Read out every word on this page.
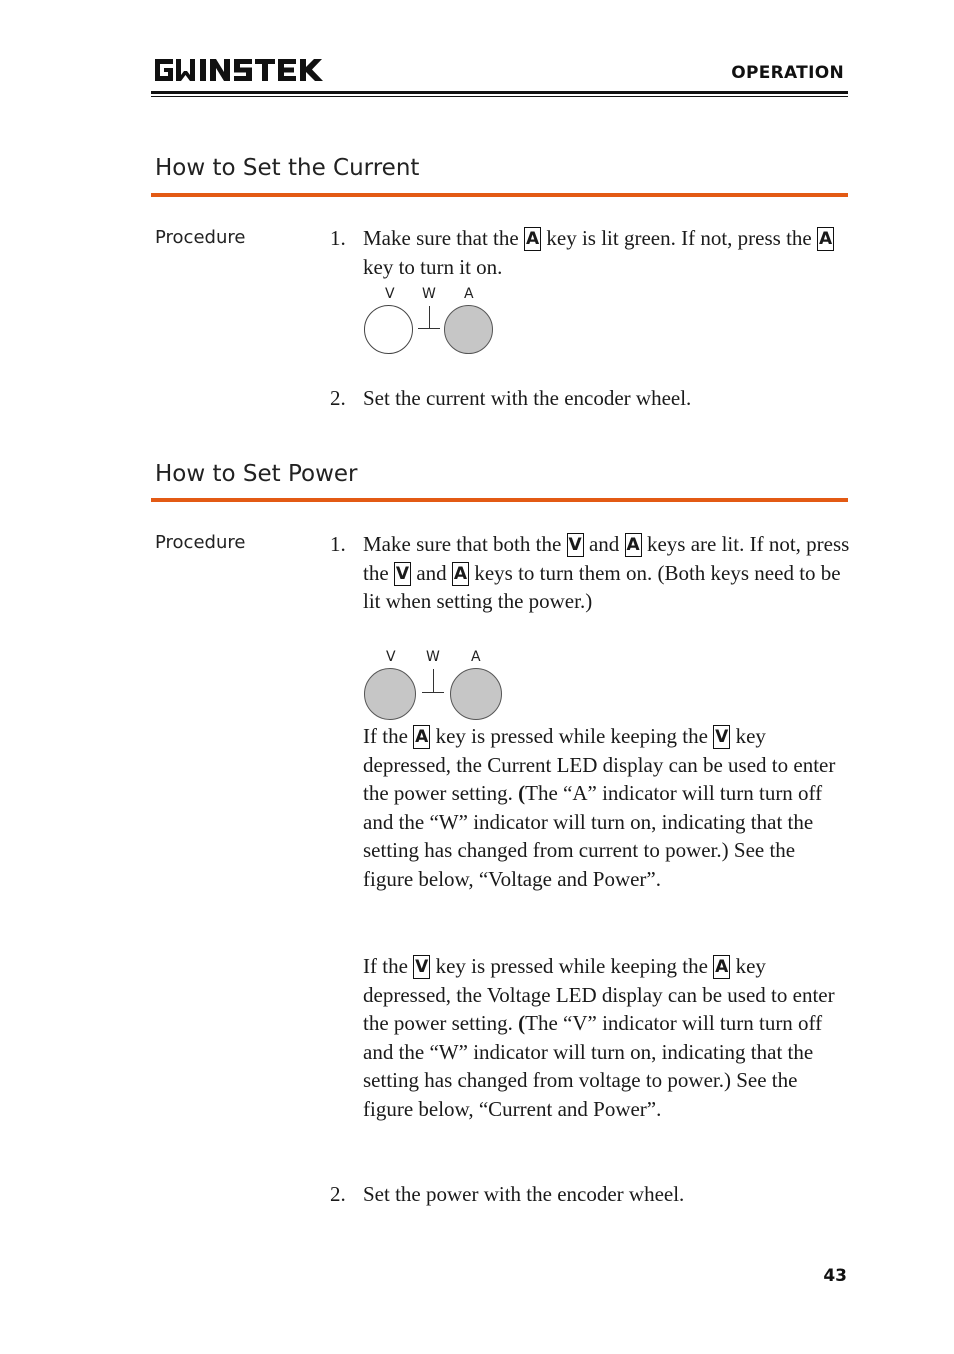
OPERATION
How to Set the Current
Procedure	1. Make sure that the A key is lit green. If not, press the A key to turn it on.
V W A
2. Set the current with the encoder wheel.
How to Set Power
Procedure	1. Make sure that both the V and A keys are lit. If not, press the V and A keys to turn them on. (Both keys need to be lit when setting the power.)
V W A
If the A key is pressed while keeping the V key depressed, the Current LED display can be used to enter the power setting. (The “A” indicator will turn turn off and the “W” indicator will turn on, indicating that the setting has changed from current to power.) See the figure below, “Voltage and Power”.
If the V key is pressed while keeping the A key depressed, the Voltage LED display can be used to enter the power setting. (The “V” indicator will turn turn off and the “W” indicator will turn on, indicating that the setting has changed from voltage to power.) See the figure below, “Current and Power”.
2. Set the power with the encoder wheel.
43
